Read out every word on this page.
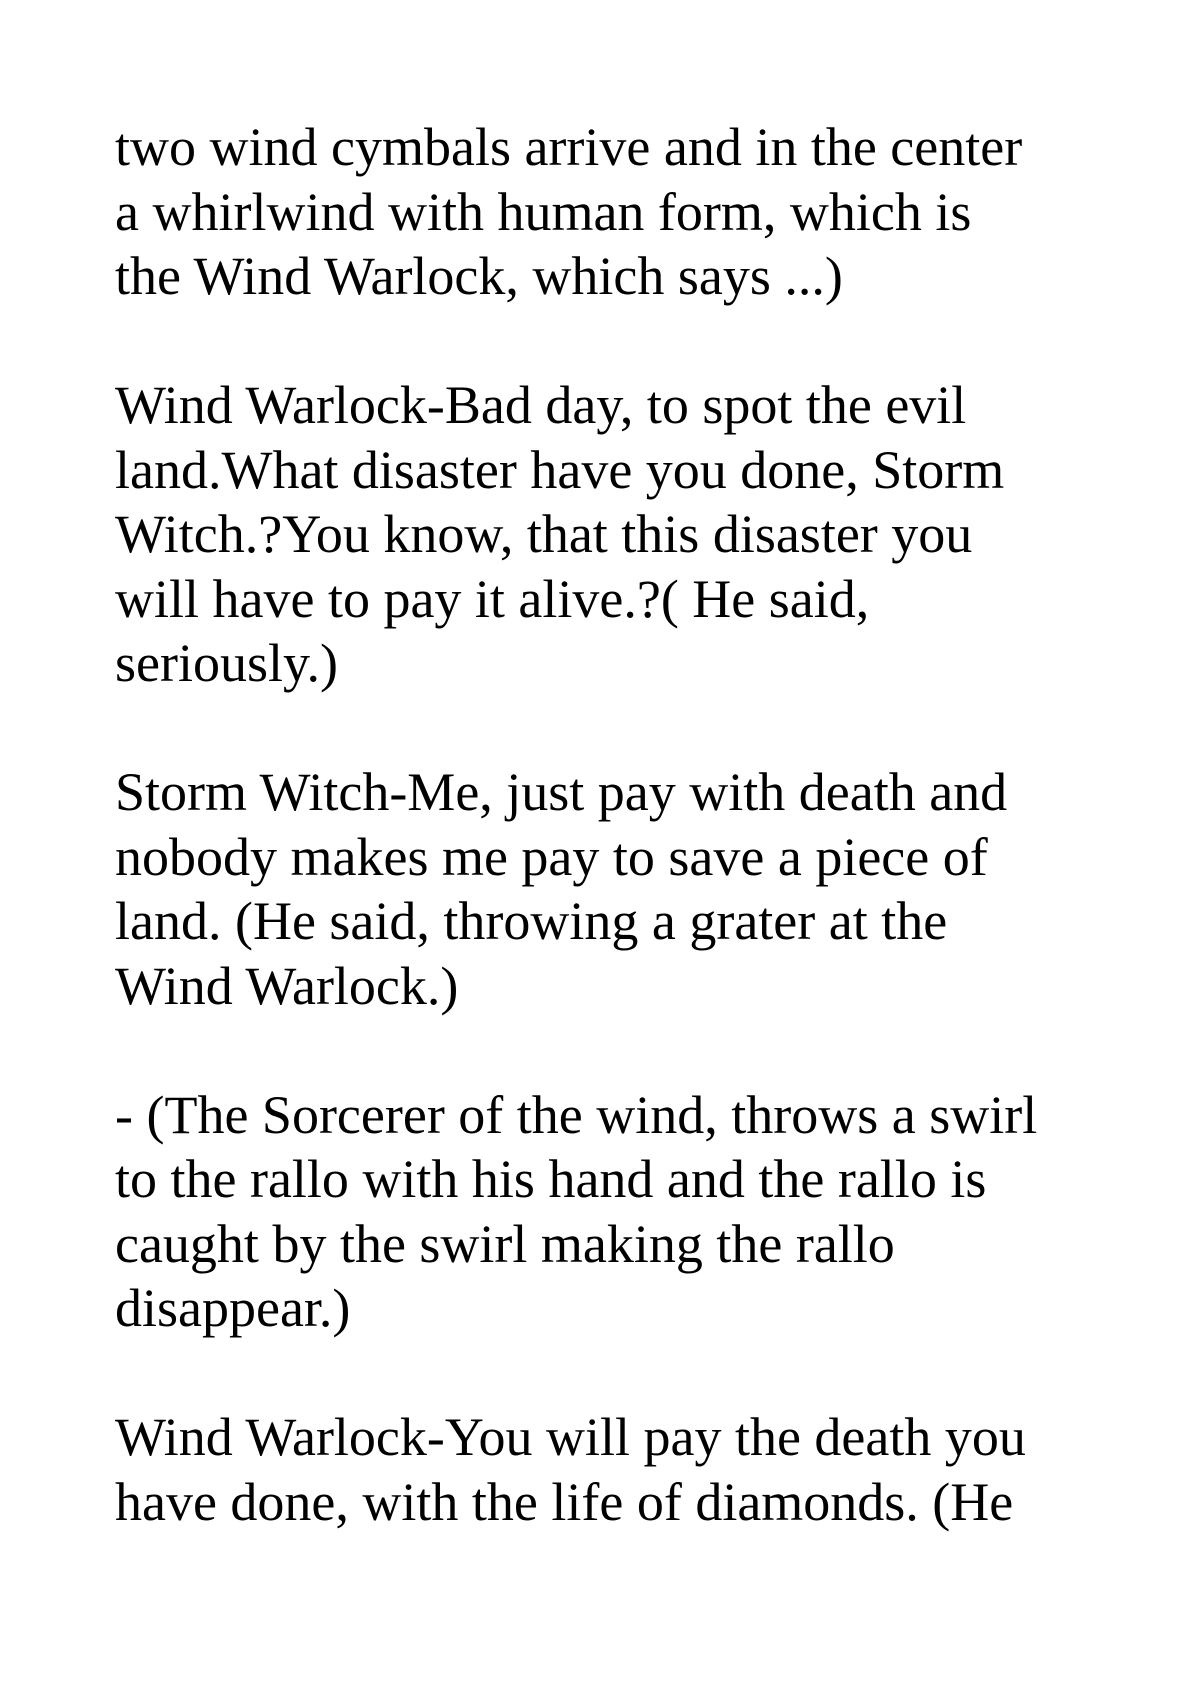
two wind cymbals arrive and in the center
a whirlwind with human form, which is
the Wind Warlock, which says ...)

Wind Warlock-Bad day, to spot the evil
land.What disaster have you done, Storm
Witch.?You know, that this disaster you
will have to pay it alive.?( He said,
seriously.)

Storm Witch-Me, just pay with death and
nobody makes me pay to save a piece of
land. (He said, throwing a grater at the
Wind Warlock.)

- (The Sorcerer of the wind, throws a swirl
to the rallo with his hand and the rallo is
caught by the swirl making the rallo
disappear.)

Wind Warlock-You will pay the death you
have done, with the life of diamonds. (He
